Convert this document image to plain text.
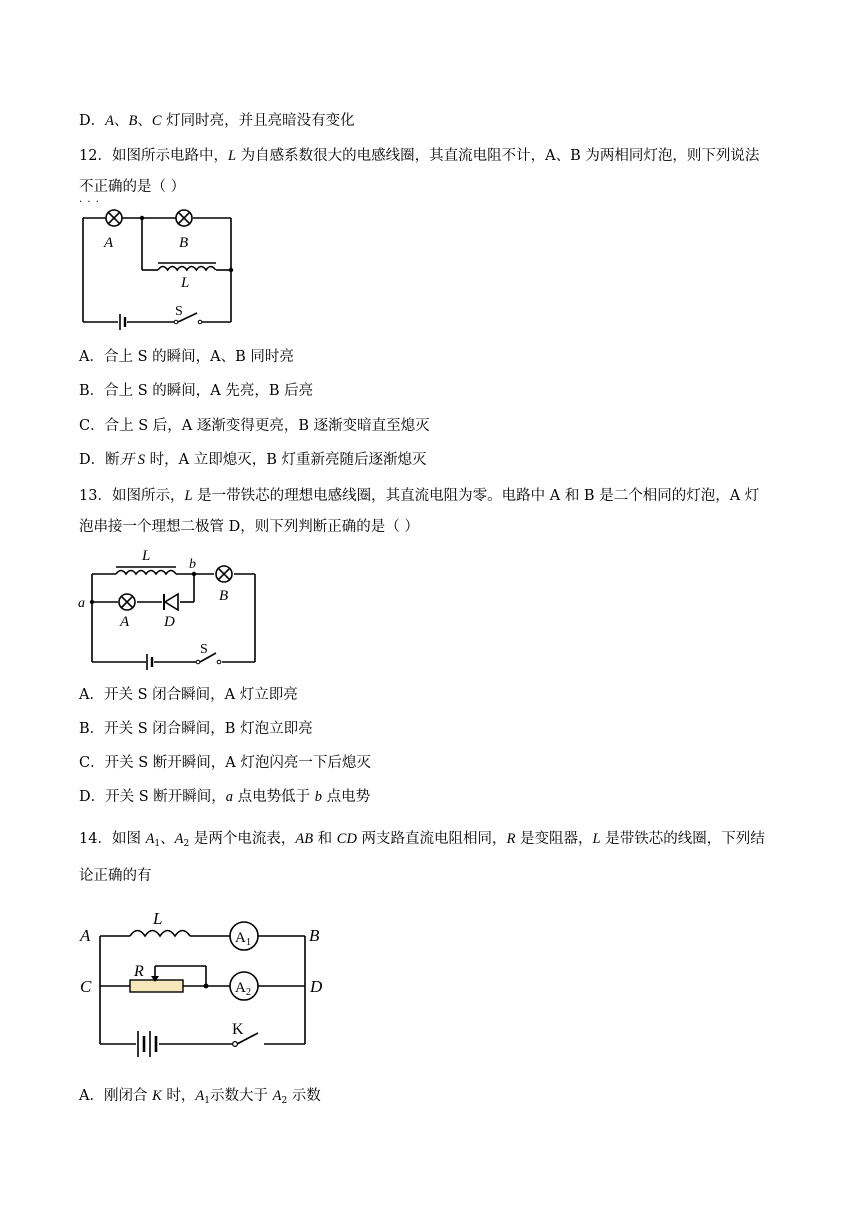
D．A、B、C 灯同时亮，并且亮暗没有变化
12．如图所示电路中，L 为自感系数很大的电感线圈，其直流电阻不计，A、B 为两相同灯泡，则下列说法
不正确 · · ·的是（ ）
A	B
L
S
A．合上 S 的瞬间，A、B 同时亮
B．合上 S 的瞬间，A 先亮，B 后亮
C．合上 S 后，A 逐渐变得更亮，B 逐渐变暗直至熄灭
D．断开 S 时，A 立即熄灭，B 灯重新亮随后逐渐熄灭
13．如图所示，L 是一带铁芯的理想电感线圈，其直流电阻为零。电路中 A 和 B 是二个相同的灯泡，A 灯
泡串接一个理想二极管 D，则下列判断正确的是（ ）
L
b
a
A D
B
S
A．开关 S 闭合瞬间，A 灯立即亮
B．开关 S 闭合瞬间，B 灯泡立即亮
C．开关 S 断开瞬间，A 灯泡闪亮一下后熄灭
D．开关 S 断开瞬间，a 点电势低于 b 点电势
14．如图 $A_1$、$A_2$ 是两个电流表，AB 和 CD 两支路直流电阻相同，R 是变阻器，L 是带铁芯的线圈，下列结
论正确的有
A	B
C	D
L
R
K
A 1
A 2
A．刚闭合 K 时，$A_1$示数大于 $A_2$ 示数
